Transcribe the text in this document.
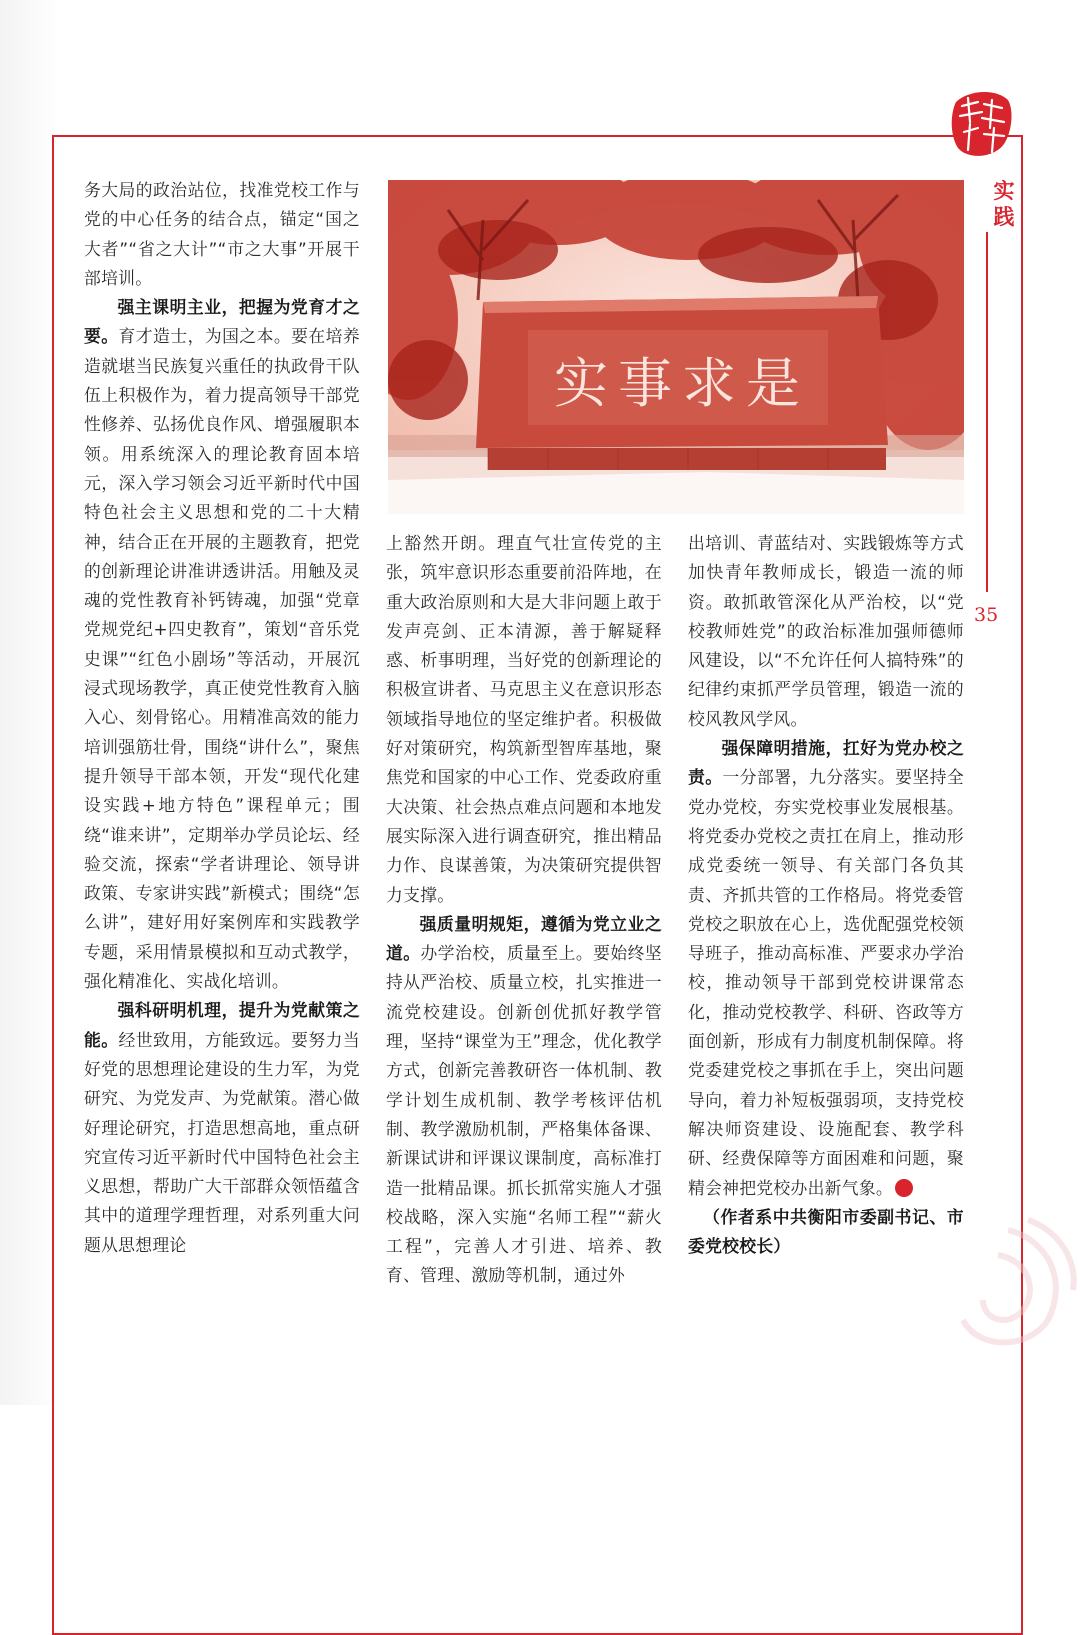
实践
35
实事求是

务大局的政治站位，找准党校工作与党的中心任务的结合点，锚定“国之大者”“省之大计”“市之大事”开展干部培训。

强主课明主业，把握为党育才之要。育才造士，为国之本。要在培养造就堪当民族复兴重任的执政骨干队伍上积极作为，着力提高领导干部党性修养、弘扬优良作风、增强履职本领。用系统深入的理论教育固本培元，深入学习领会习近平新时代中国特色社会主义思想和党的二十大精神，结合正在开展的主题教育，把党的创新理论讲准讲透讲活。用触及灵魂的党性教育补钙铸魂，加强“党章党规党纪+四史教育”，策划“音乐党史课”“红色小剧场”等活动，开展沉浸式现场教学，真正使党性教育入脑入心、刻骨铭心。用精准高效的能力培训强筋壮骨，围绕“讲什么”，聚焦提升领导干部本领，开发“现代化建设实践+地方特色”课程单元；围绕“谁来讲”，定期举办学员论坛、经验交流，探索“学者讲理论、领导讲政策、专家讲实践”新模式；围绕“怎么讲”，建好用好案例库和实践教学专题，采用情景模拟和互动式教学，强化精准化、实战化培训。

强科研明机理，提升为党献策之能。经世致用，方能致远。要努力当好党的思想理论建设的生力军，为党研究、为党发声、为党献策。潜心做好理论研究，打造思想高地，重点研究宣传习近平新时代中国特色社会主义思想，帮助广大干部群众领悟蕴含其中的道理学理哲理，对系列重大问题从思想理论

上豁然开朗。理直气壮宣传党的主张，筑牢意识形态重要前沿阵地，在重大政治原则和大是大非问题上敢于发声亮剑、正本清源，善于解疑释惑、析事明理，当好党的创新理论的积极宣讲者、马克思主义在意识形态领域指导地位的坚定维护者。积极做好对策研究，构筑新型智库基地，聚焦党和国家的中心工作、党委政府重大决策、社会热点难点问题和本地发展实际深入进行调查研究，推出精品力作、良谋善策，为决策研究提供智力支撑。

强质量明规矩，遵循为党立业之道。办学治校，质量至上。要始终坚持从严治校、质量立校，扎实推进一流党校建设。创新创优抓好教学管理，坚持“课堂为王”理念，优化教学方式，创新完善教研咨一体机制、教学计划生成机制、教学考核评估机制、教学激励机制，严格集体备课、新课试讲和评课议课制度，高标准打造一批精品课。抓长抓常实施人才强校战略，深入实施“名师工程”“薪火工程”，完善人才引进、培养、教育、管理、激励等机制，通过外

出培训、青蓝结对、实践锻炼等方式加快青年教师成长，锻造一流的师资。敢抓敢管深化从严治校，以“党校教师姓党”的政治标准加强师德师风建设，以“不允许任何人搞特殊”的纪律约束抓严学员管理，锻造一流的校风教风学风。

强保障明措施，扛好为党办校之责。一分部署，九分落实。要坚持全党办党校，夯实党校事业发展根基。将党委办党校之责扛在肩上，推动形成党委统一领导、有关部门各负其责、齐抓共管的工作格局。将党委管党校之职放在心上，选优配强党校领导班子，推动高标准、严要求办学治校，推动领导干部到党校讲课常态化，推动党校教学、科研、咨政等方面创新，形成有力制度机制保障。将党委建党校之事抓在手上，突出问题导向，着力补短板强弱项，支持党校解决师资建设、设施配套、教学科研、经费保障等方面困难和问题，聚精会神把党校办出新气象。

（作者系中共衡阳市委副书记、市委党校校长）
